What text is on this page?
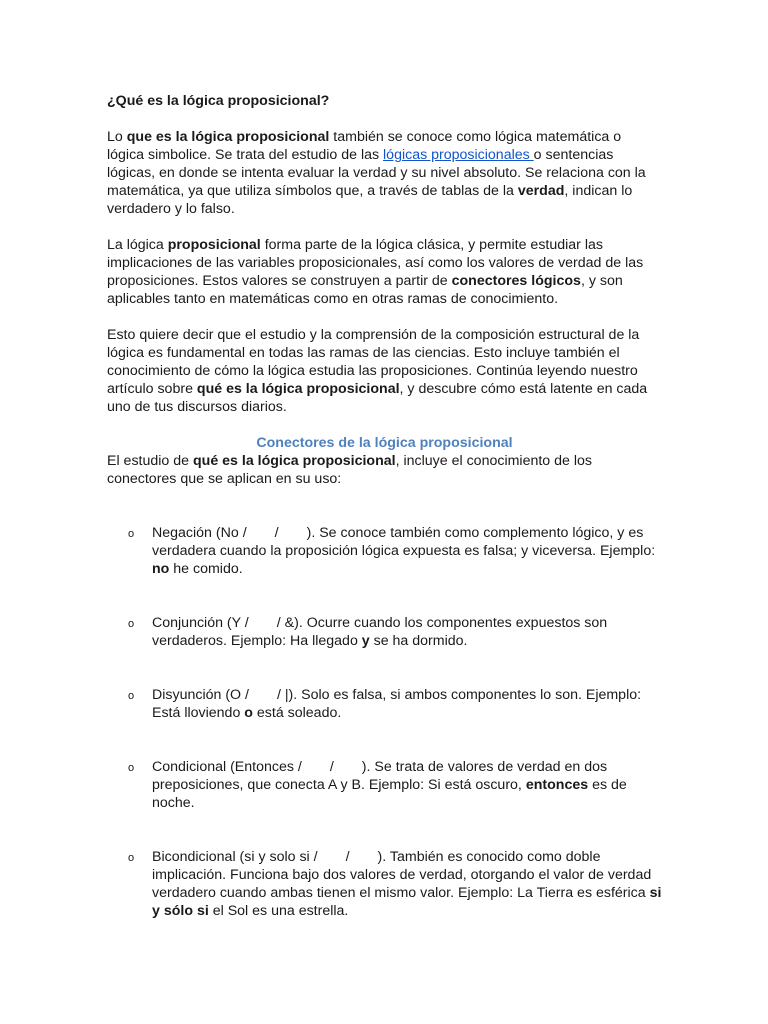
¿Qué es la lógica proposicional?

Lo que es la lógica proposicional también se conoce como lógica matemática o lógica simbolice. Se trata del estudio de las lógicas proposicionales o sentencias lógicas, en donde se intenta evaluar la verdad y su nivel absoluto. Se relaciona con la matemática, ya que utiliza símbolos que, a través de tablas de la verdad, indican lo verdadero y lo falso.

La lógica proposicional forma parte de la lógica clásica, y permite estudiar las implicaciones de las variables proposicionales, así como los valores de verdad de las proposiciones. Estos valores se construyen a partir de conectores lógicos, y son aplicables tanto en matemáticas como en otras ramas de conocimiento.

Esto quiere decir que el estudio y la comprensión de la composición estructural de la lógica es fundamental en todas las ramas de las ciencias. Esto incluye también el conocimiento de cómo la lógica estudia las proposiciones. Continúa leyendo nuestro artículo sobre qué es la lógica proposicional, y descubre cómo está latente en cada uno de tus discursos diarios.

Conectores de la lógica proposicional

El estudio de qué es la lógica proposicional, incluye el conocimiento de los conectores que se aplican en su uso:

o Negación (No / / ). Se conoce también como complemento lógico, y es verdadera cuando la proposición lógica expuesta es falsa; y viceversa. Ejemplo: no he comido.
o Conjunción (Y / / &). Ocurre cuando los componentes expuestos son verdaderos. Ejemplo: Ha llegado y se ha dormido.
o Disyunción (O / / |). Solo es falsa, si ambos componentes lo son. Ejemplo: Está lloviendo o está soleado.
o Condicional (Entonces / / ). Se trata de valores de verdad en dos preposiciones, que conecta A y B. Ejemplo: Si está oscuro, entonces es de noche.
o Bicondicional (si y solo si / / ). También es conocido como doble implicación. Funciona bajo dos valores de verdad, otorgando el valor de verdad verdadero cuando ambas tienen el mismo valor. Ejemplo: La Tierra es esférica si y sólo si el Sol es una estrella.
